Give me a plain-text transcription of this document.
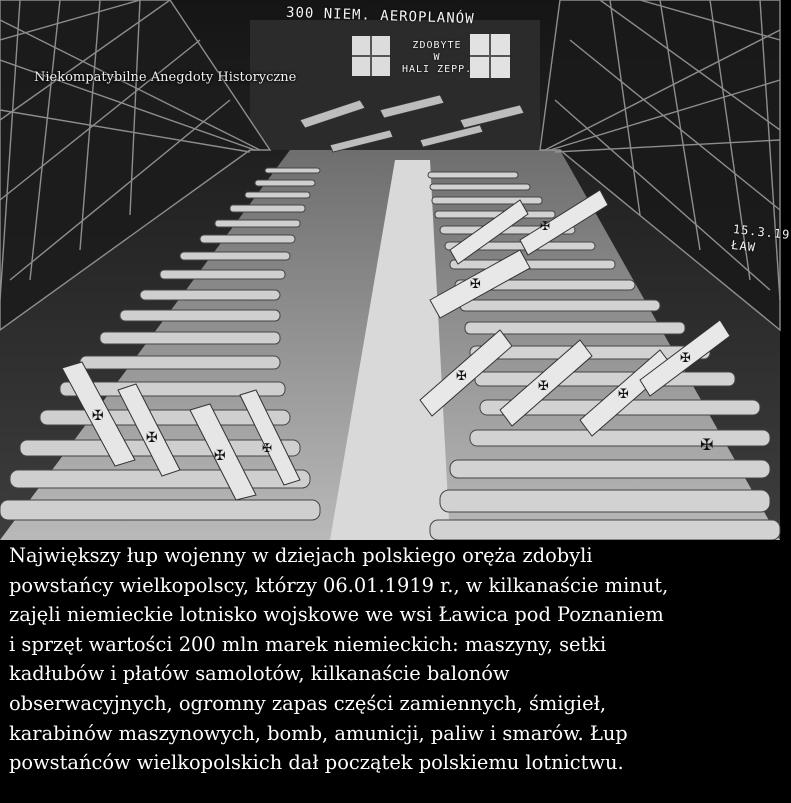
✠
✠
✠	✠
✠
✠
✠
✠
✠
✠
✠
Niekompatybilne Anegdoty Historyczne
300 NIEM. AEROPLANÓW
ZDOBYTE
W
HALI ZEPP.
15.3.19
ŁAW
Największy łup wojenny w dziejach polskiego oręża zdobyli
powstańcy wielkopolscy, którzy 06.01.1919 r., w kilkanaście minut,
zajęli niemieckie lotnisko wojskowe we wsi Ławica pod Poznaniem
i sprzęt wartości 200 mln marek niemieckich: maszyny, setki
kadłubów i płatów samolotów, kilkanaście balonów
obserwacyjnych, ogromny zapas części zamiennych, śmigieł,
karabinów maszynowych, bomb, amunicji, paliw i smarów. Łup
powstańców wielkopolskich dał początek polskiemu lotnictwu.
